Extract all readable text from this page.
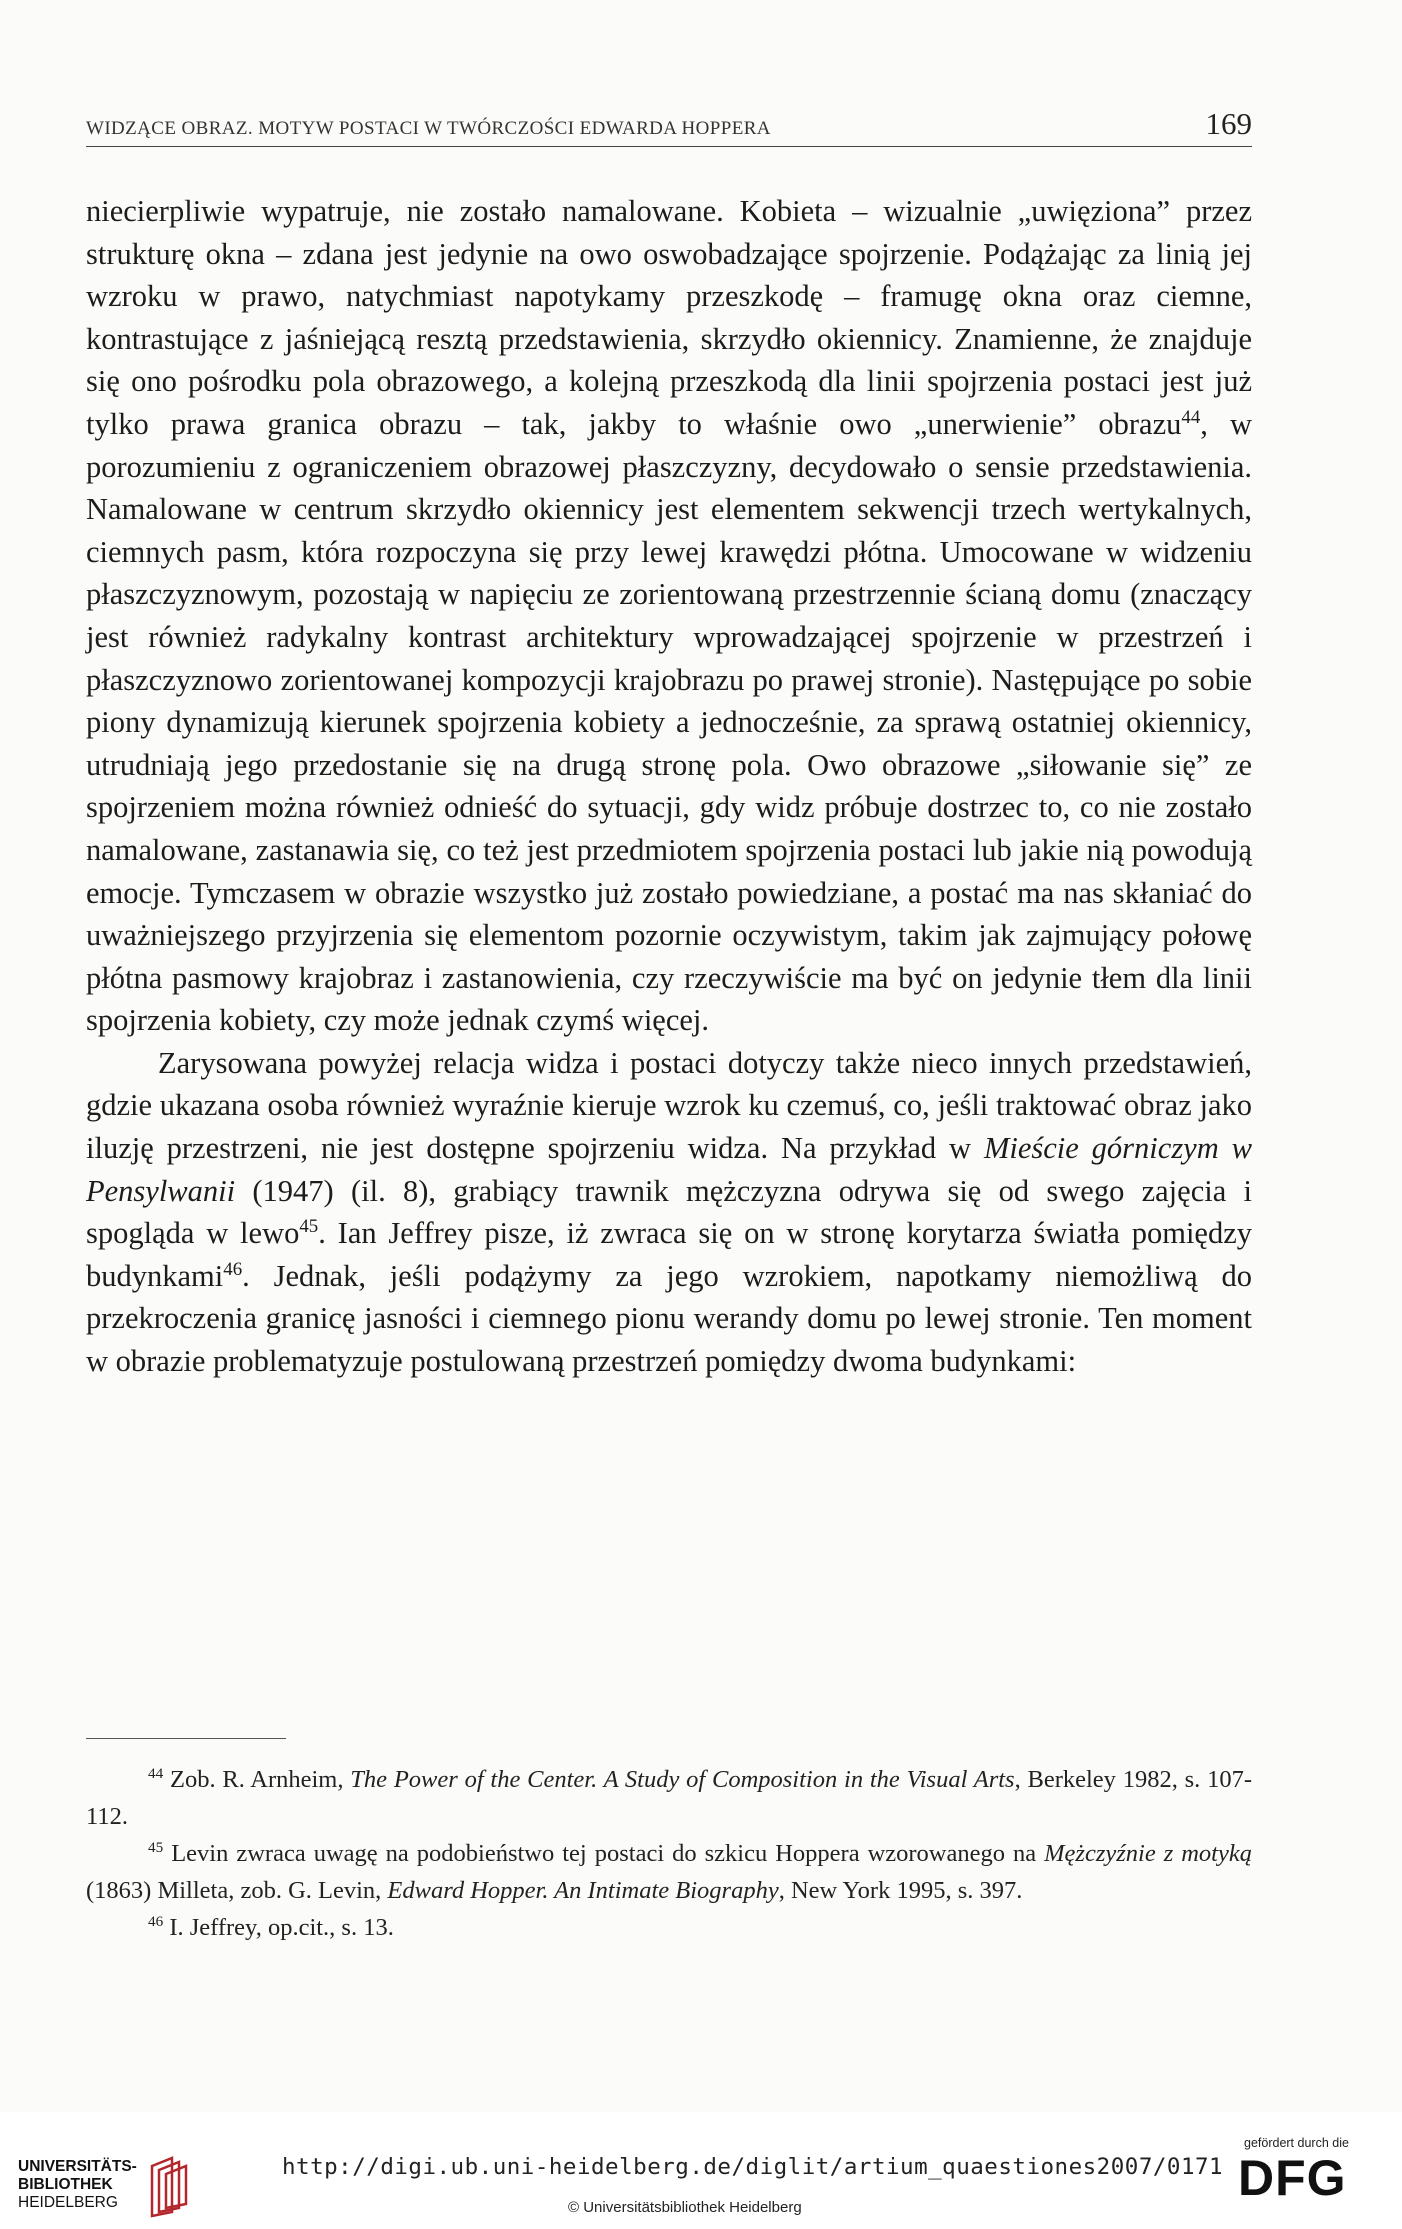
WIDZĄCE OBRAZ. MOTYW POSTACI W TWÓRCZOŚCI EDWARDA HOPPERA	169

niecierpliwie wypatruje, nie zostało namalowane. Kobieta – wizualnie „uwięziona” przez strukturę okna – zdana jest jedynie na owo oswobadzające spojrzenie. Podążając za linią jej wzroku w prawo, natychmiast napotykamy przeszkodę – framugę okna oraz ciemne, kontrastujące z jaśniejącą resztą przedstawienia, skrzydło okiennicy. Znamienne, że znajduje się ono pośrodku pola obrazowego, a kolejną przeszkodą dla linii spojrzenia postaci jest już tylko prawa granica obrazu – tak, jakby to właśnie owo „unerwienie” obrazu$^{44}$, w porozumieniu z ograniczeniem obrazowej płaszczyzny, decydowało o sensie przedstawienia. Namalowane w centrum skrzydło okiennicy jest elementem sekwencji trzech wertykalnych, ciemnych pasm, która rozpoczyna się przy lewej krawędzi płótna. Umocowane w widzeniu płaszczyznowym, pozostają w napięciu ze zorientowaną przestrzennie ścianą domu (znaczący jest również radykalny kontrast architektury wprowadzającej spojrzenie w przestrzeń i płaszczyznowo zorientowanej kompozycji krajobrazu po prawej stronie). Następujące po sobie piony dynamizują kierunek spojrzenia kobiety a jednocześnie, za sprawą ostatniej okiennicy, utrudniają jego przedostanie się na drugą stronę pola. Owo obrazowe „siłowanie się” ze spojrzeniem można również odnieść do sytuacji, gdy widz próbuje dostrzec to, co nie zostało namalowane, zastanawia się, co też jest przedmiotem spojrzenia postaci lub jakie nią powodują emocje. Tymczasem w obrazie wszystko już zostało powiedziane, a postać ma nas skłaniać do uważniejszego przyjrzenia się elementom pozornie oczywistym, takim jak zajmujący połowę płótna pasmowy krajobraz i zastanowienia, czy rzeczywiście ma być on jedynie tłem dla linii spojrzenia kobiety, czy może jednak czymś więcej.

Zarysowana powyżej relacja widza i postaci dotyczy także nieco innych przedstawień, gdzie ukazana osoba również wyraźnie kieruje wzrok ku czemuś, co, jeśli traktować obraz jako iluzję przestrzeni, nie jest dostępne spojrzeniu widza. Na przykład w Mieście górniczym w Pensylwanii (1947) (il. 8), grabiący trawnik mężczyzna odrywa się od swego zajęcia i spogląda w lewo$^{45}$. Ian Jeffrey pisze, iż zwraca się on w stronę korytarza światła pomiędzy budynkami$^{46}$. Jednak, jeśli podążymy za jego wzrokiem, napotkamy niemożliwą do przekroczenia granicę jasności i ciemnego pionu werandy domu po lewej stronie. Ten moment w obrazie problematyzuje postulowaną przestrzeń pomiędzy dwoma budynkami:

$^{44}$ Zob. R. Arnheim, The Power of the Center. A Study of Composition in the Visual Arts, Berkeley 1982, s. 107-112.

$^{45}$ Levin zwraca uwagę na podobieństwo tej postaci do szkicu Hoppera wzorowanego na Mężczyźnie z motyką (1863) Milleta, zob. G. Levin, Edward Hopper. An Intimate Biography, New York 1995, s. 397.

$^{46}$ I. Jeffrey, op.cit., s. 13.

UNIVERSITÄTS-
BIBLIOTHEK
HEIDELBERG
http://digi.ub.uni-heidelberg.de/diglit/artium_quaestiones2007/0171
© Universitätsbibliothek Heidelberg
gefördert durch die
DFG
